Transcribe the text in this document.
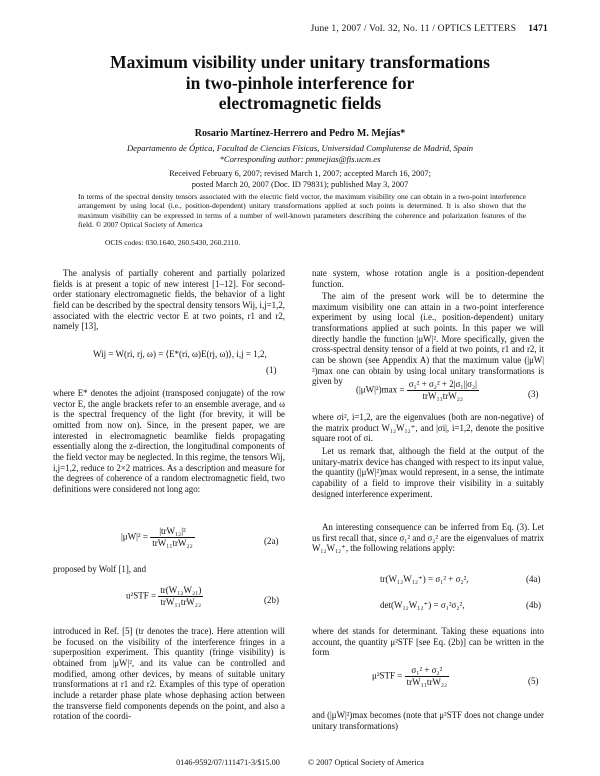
June 1, 2007 / Vol. 32, No. 11 / OPTICS LETTERS 1471
Maximum visibility under unitary transformations
in two-pinhole interference for
electromagnetic fields
Rosario Martínez-Herrero and Pedro M. Mejías*
Departamento de Óptica, Facultad de Ciencias Físicas, Universidad Complutense de Madrid, Spain
*Corresponding author: pmmejias@fis.ucm.es
Received February 6, 2007; revised March 1, 2007; accepted March 16, 2007;
posted March 20, 2007 (Doc. ID 79831); published May 3, 2007
In terms of the spectral density tensors associated with the electric field vector, the maximum visibility one can obtain in a two-point interference arrangement by using local (i.e., position-dependent) unitary transformations applied at such points is determined. It is also shown that the maximum visibility can be expressed in terms of a number of well-known parameters describing the coherence and polarization features of the field. © 2007 Optical Society of America
OCIS codes: 030.1640, 260.5430, 260.2110.

The analysis of partially coherent and partially polarized fields is at present a topic of new interest [1–12]. For second-order stationary electromagnetic fields, the behavior of a light field can be described by the spectral density tensors Wij, i,j=1,2, associated with the electric vector E at two points, r1 and r2, namely [13],

Wij = W(ri, rj, ω) = ⟨E*(ri, ω)E(rj, ω)⟩, i,j = 1,2,
(1)

where E* denotes the adjoint (transposed conjugate) of the row vector E, the angle brackets refer to an ensemble average, and ω is the spectral frequency of the light (for brevity, it will be omitted from now on). Since, in the present paper, we are interested in electromagnetic beamlike fields propagating essentially along the z-direction, the longitudinal components of the field vector may be neglected. In this regime, the tensors Wij, i,j=1,2, reduce to 2×2 matrices. As a description and measure for the degrees of coherence of a random electromagnetic field, two definitions were considered not long ago:

$|\mu W|^2 = \frac{\text{|trW₁₂|²}}{\text{trW₁₁trW₂₂}}$	(2a)

proposed by Wolf [1], and

$u^2STF = \frac{\text{tr(W₁₂W₂₁)}}{\text{trW₁₁trW₂₂}}$	(2b)

introduced in Ref. [5] (tr denotes the trace). Here attention will be focused on the visibility of the interference fringes in a superposition experiment. This quantity (fringe visibility) is obtained from |μW|², and its value can be controlled and modified, among other devices, by means of suitable unitary transformations at r1 and r2. Examples of this type of operation include a retarder phase plate whose dephasing action between the transverse field components depends on the point, and also a rotation of the coordi-

nate system, whose rotation angle is a position-dependent function.

The aim of the present work will be to determine the maximum visibility one can attain in a two-point interference experiment by using local (i.e., position-dependent) unitary transformations applied at such points. In this paper we will directly handle the function |μW|². More specifically, given the cross-spectral density tensor of a field at two points, r1 and r2, it can be shown (see Appendix A) that the maximum value (|μW|²)max one can obtain by using local unitary transformations is given by

$(|\mu W|^2)\max = \frac{\text{σ₁² + σ₂² + 2|σ₁||σ₂|}}{\text{trW₁₁trW₂₂}}$	(3)

where σi², i=1,2, are the eigenvalues (both are non-negative) of the matrix product W₁₂W₁₂⁺, and |σi|, i=1,2, denote the positive square root of σi.

Let us remark that, although the field at the output of the unitary-matrix device has changed with respect to its input value, the quantity (|μW|²)max would represent, in a sense, the intimate capability of a field to improve their visibility in a suitably designed interference experiment.

An interesting consequence can be inferred from Eq. (3). Let us first recall that, since σ₁² and σ₂² are the eigenvalues of matrix W₁₂W₁₂⁺, the following relations apply:

tr(W₁₂W₁₂⁺) = σ₁² + σ₂²,	(4a)
det(W₁₂W₁₂⁺) = σ₁²σ₂²,	(4b)

where det stands for determinant. Taking these equations into account, the quantity μ²STF [see Eq. (2b)] can be written in the form

$\mu^2STF = \frac{\text{σ₁² + σ₂²}}{\text{trW₁₁trW₂₂}}$	(5)

and (|μW|²)max becomes (note that μ²STF does not change under unitary transformations)

0146-9592/07/111471-3/$15.00	© 2007 Optical Society of America
